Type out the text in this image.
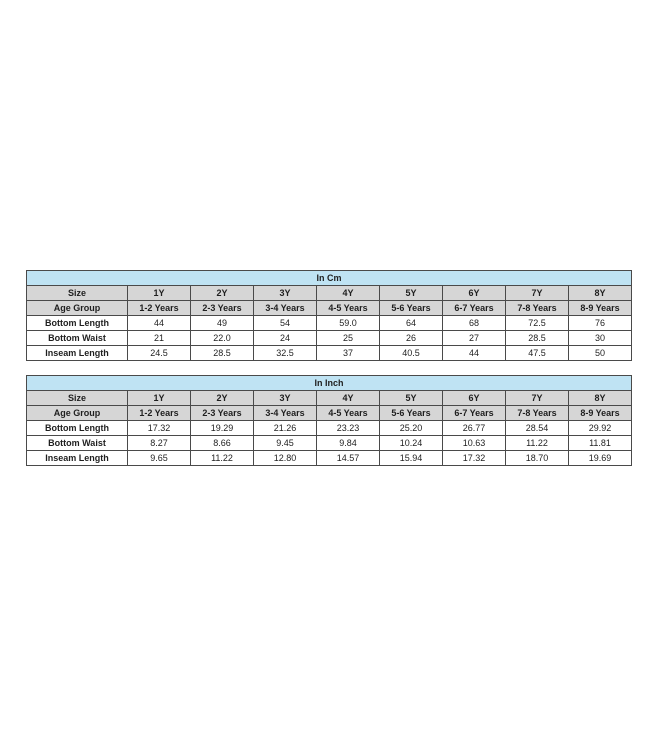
In Cm								
Size	1Y	2Y	3Y	4Y	5Y	6Y	7Y	8Y
Age Group	1-2 Years	2-3 Years	3-4 Years	4-5 Years	5-6 Years	6-7 Years	7-8 Years	8-9 Years
Bottom Length	44	49	54	59.0	64	68	72.5	76
Bottom Waist	21	22.0	24	25	26	27	28.5	30
Inseam Length	24.5	28.5	32.5	37	40.5	44	47.5	50
In Inch								
Size	1Y	2Y	3Y	4Y	5Y	6Y	7Y	8Y
Age Group	1-2 Years	2-3 Years	3-4 Years	4-5 Years	5-6 Years	6-7 Years	7-8 Years	8-9 Years
Bottom Length	17.32	19.29	21.26	23.23	25.20	26.77	28.54	29.92
Bottom Waist	8.27	8.66	9.45	9.84	10.24	10.63	11.22	11.81
Inseam Length	9.65	11.22	12.80	14.57	15.94	17.32	18.70	19.69
